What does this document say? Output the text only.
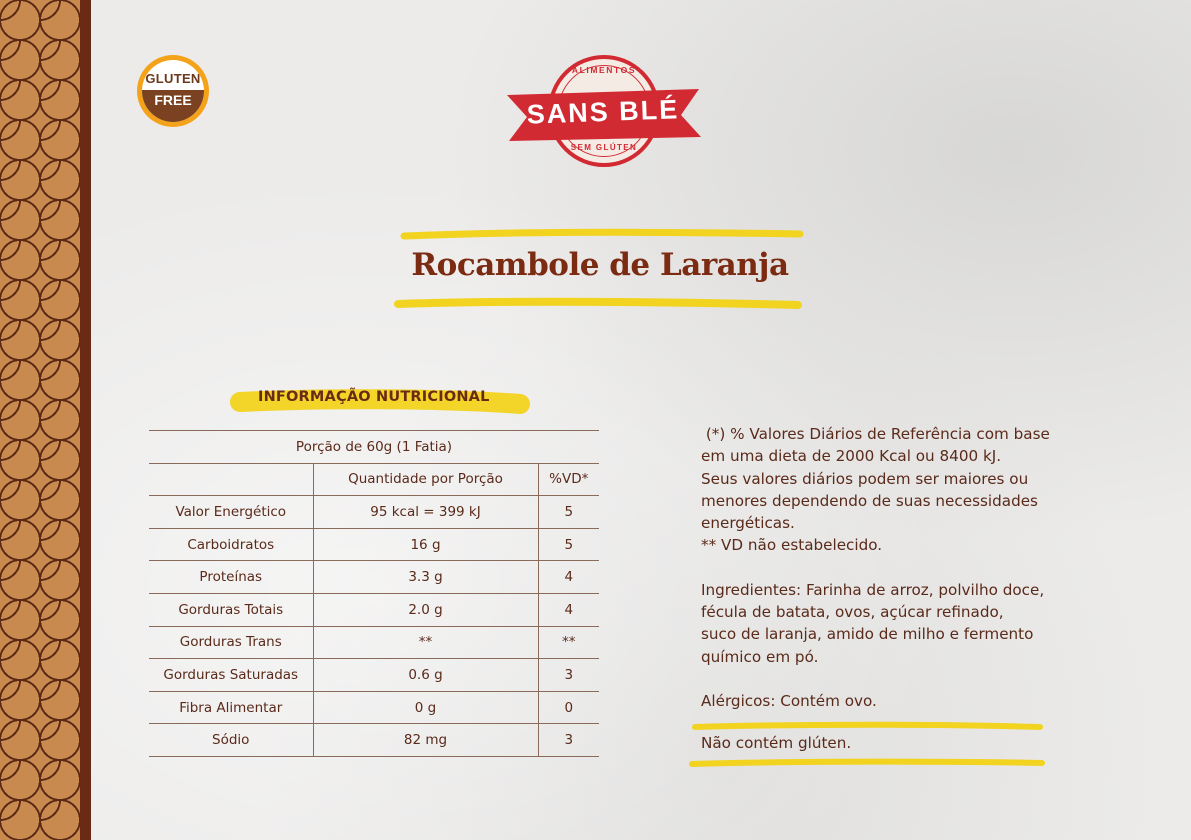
GLUTEN
FREE
ALIMENTOS
SANS BLÉ
SEM GLÚTEN
Rocambole de Laranja
INFORMAÇÃO NUTRICIONAL
Porção de 60g (1 Fatia)		
	Quantidade por Porção	%VD*
Valor Energético	95 kcal = 399 kJ	5
Carboidratos	16 g	5
Proteínas	3.3 g	4
Gorduras Totais	2.0 g	4
Gorduras Trans	**	**
Gorduras Saturadas	0.6 g	3
Fibra Alimentar	0 g	0
Sódio	82 mg	3

(*) % Valores Diários de Referência com base

em uma dieta de 2000 Kcal ou 8400 kJ.

Seus valores diários podem ser maiores ou

menores dependendo de suas necessidades

energéticas.

** VD não estabelecido.

Ingredientes: Farinha de arroz, polvilho doce,

fécula de batata, ovos, açúcar refinado,

suco de laranja, amido de milho e fermento

químico em pó.

Alérgicos: Contém ovo.

Não contém glúten.
